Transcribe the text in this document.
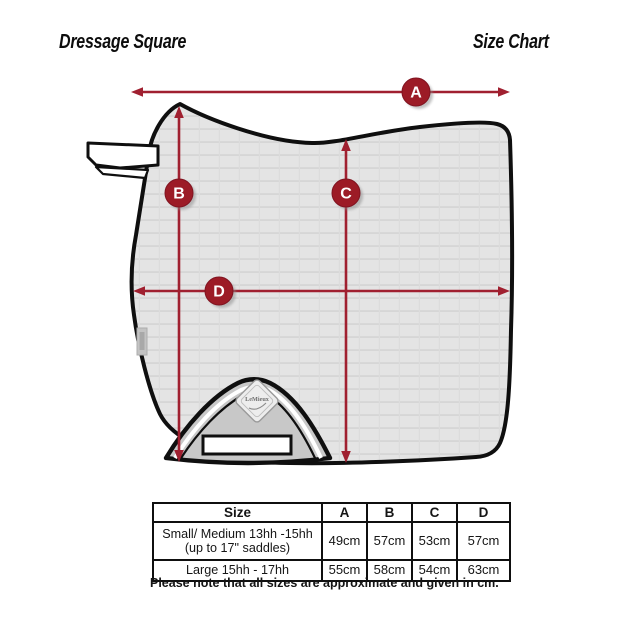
Dressage Square	Size Chart
LeMieux
A
B	C
D
Size	A	B	C	D

Small/ Medium 13hh -15hh
(up to 17" saddles)	49cm	57cm	53cm	57cm

Large 15hh - 17hh	55cm	58cm	54cm	63cm
Please note that all sizes are approximate and given in cm.
